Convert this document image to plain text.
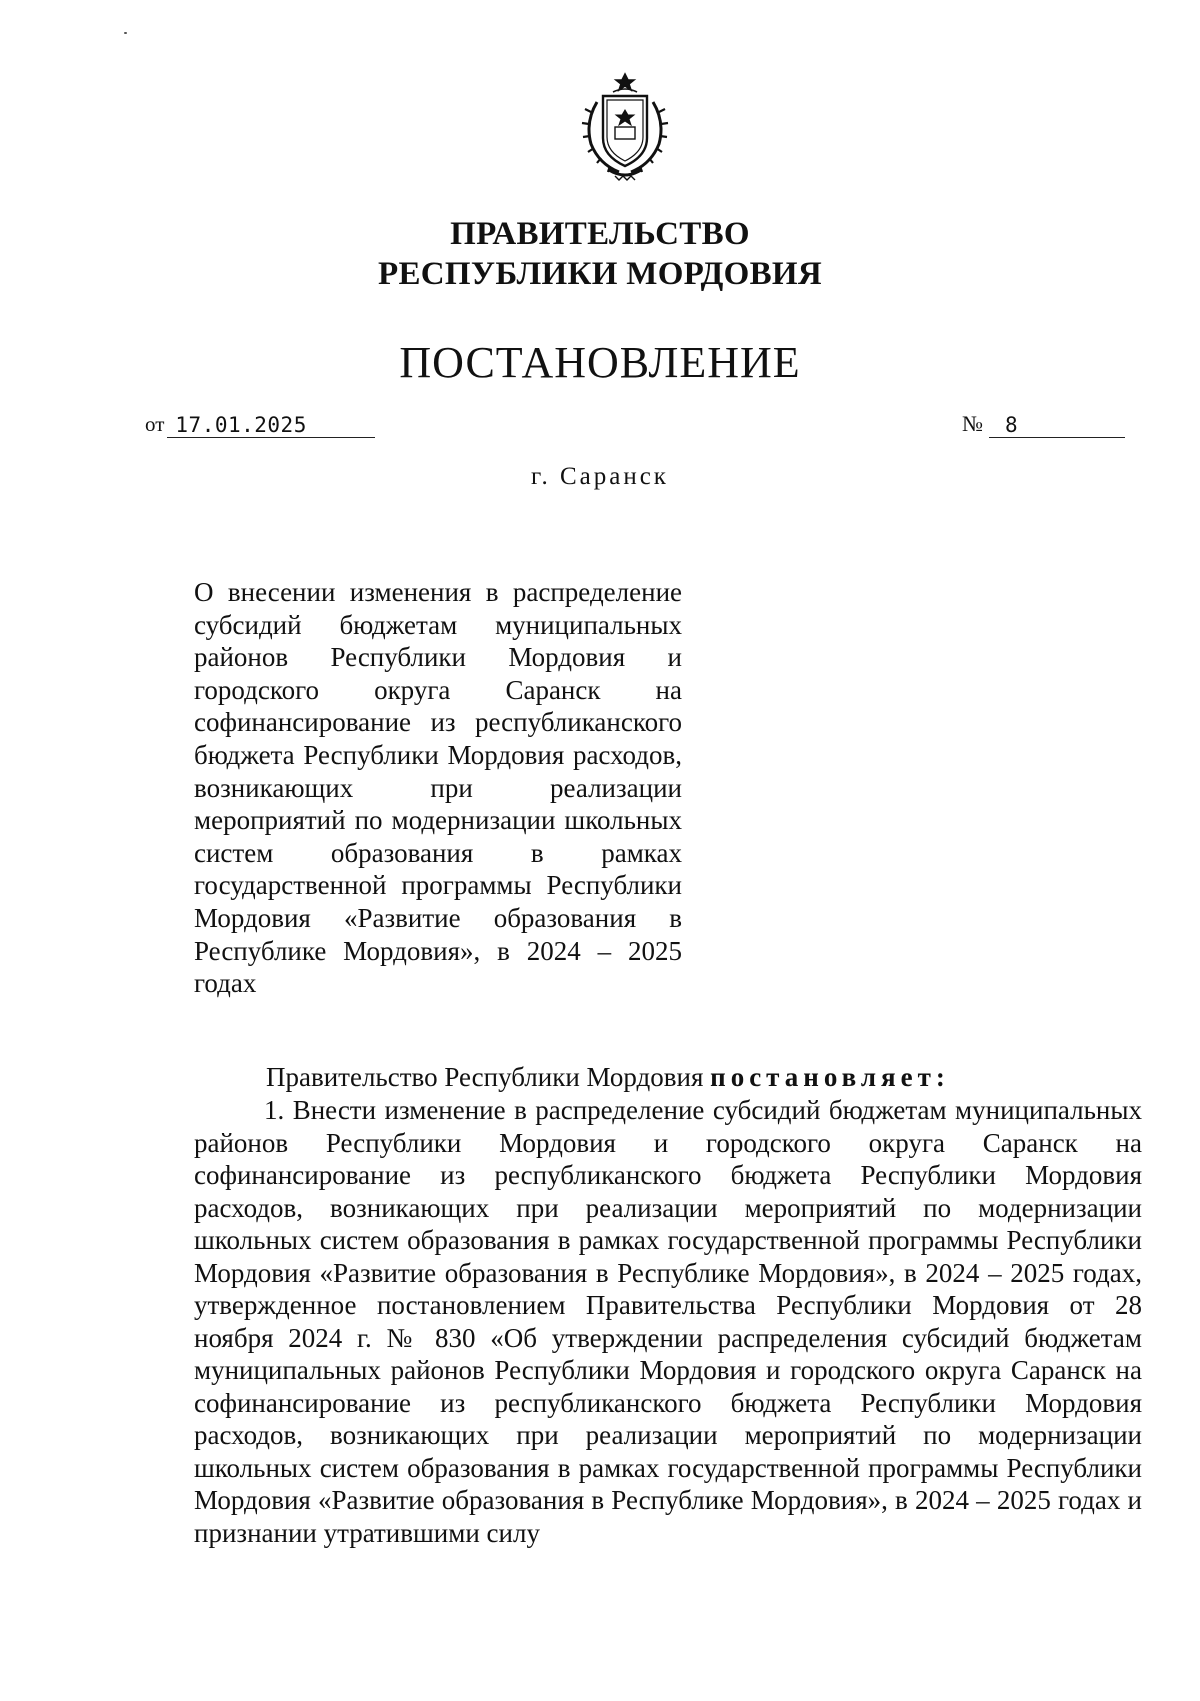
ПРАВИТЕЛЬСТВО
РЕСПУБЛИКИ МОРДОВИЯ
ПОСТАНОВЛЕНИЕ
от 17.01.2025	№	8
г. Саранск

О внесении изменения в распределение субсидий бюджетам муниципальных районов Республики Мордовия и городского округа Саранск на софинансирование из республиканского бюджета Республики Мордовия расходов, возникающих при реализации мероприятий по модернизации школьных систем образования в рамках государственной программы Республики Мордовия «Развитие образования в Республике Мордовия», в 2024 – 2025 годах

Правительство Республики Мордовия постановляет:

1. Внести изменение в распределение субсидий бюджетам муниципальных районов Республики Мордовия и городского округа Саранск на софинансирование из республиканского бюджета Республики Мордовия расходов, возникающих при реализации мероприятий по модернизации школьных систем образования в рамках государственной программы Республики Мордовия «Развитие образования в Республике Мордовия», в 2024 – 2025 годах, утвержденное постановлением Правительства Республики Мордовия от 28 ноября 2024 г. № 830 «Об утверждении распределения субсидий бюджетам муниципальных районов Республики Мордовия и городского округа Саранск на софинансирование из республиканского бюджета Республики Мордовия расходов, возникающих при реализации мероприятий по модернизации школьных систем образования в рамках государственной программы Республики Мордовия «Развитие образования в Республике Мордовия», в 2024 – 2025 годах и признании утратившими силу
